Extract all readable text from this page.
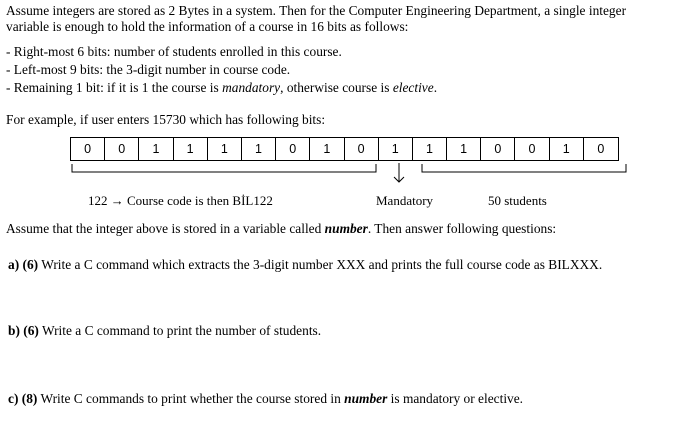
Assume integers are stored as 2 Bytes in a system. Then for the Computer Engineering Department, a single integer
variable is enough to hold the information of a course in 16 bits as follows:
- Right-most 6 bits: number of students enrolled in this course.
- Left-most 9 bits: the 3-digit number in course code.
- Remaining 1 bit: if it is 1 the course is mandatory, otherwise course is elective.
For example, if user enters 15730 which has following bits:
0	0	1	1	1	1	0	1	0	1	1	1	0	0	1	0
122 → Course code is then BİL122	Mandatory	50 students
Assume that the integer above is stored in a variable called number. Then answer following questions:
a) (6) Write a C command which extracts the 3-digit number XXX and prints the full course code as BILXXX.
b) (6) Write a C command to print the number of students.
c) (8) Write C commands to print whether the course stored in number is mandatory or elective.
